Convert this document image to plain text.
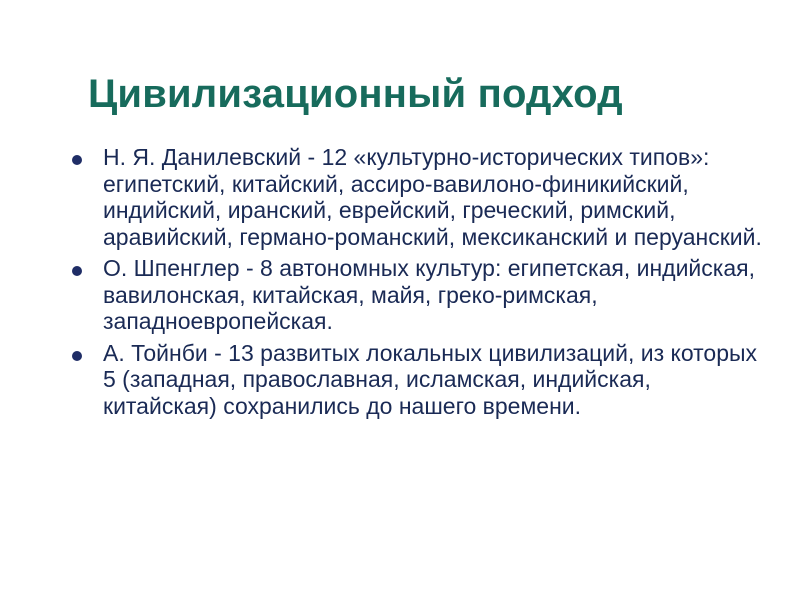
Цивилизационный подход
Н. Я. Данилевский - 12 «культурно-исторических типов»: египетский, китайский, ассиро-вавилоно-финикийский, индийский, иранский, еврейский, греческий, римский, аравийский, германо-романский, мексиканский и перуанский.
О. Шпенглер - 8 автономных культур: египетская, индийская, вавилонская, китайская, майя, греко-римская, западноевропейская.
А. Тойнби - 13 развитых локальных цивилизаций, из которых 5 (западная, православная, исламская, индийская, китайская) сохранились до нашего времени.
